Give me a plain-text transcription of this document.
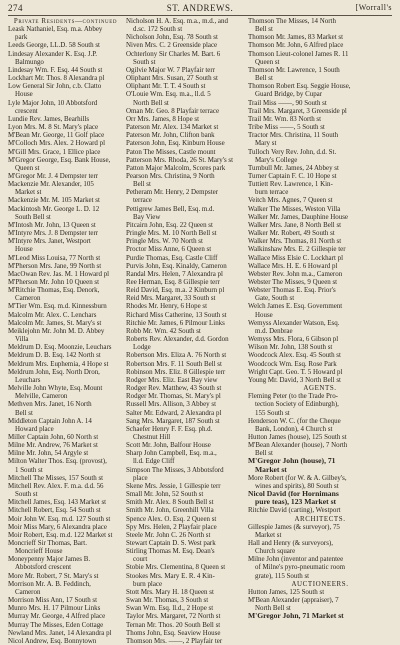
274	ST. ANDREWS.	[Worrall's
Private Residents—continued
Leask Nathaniel, Esq. m.a. Abbey
park
Leeds George, LL.D. 58 South st
Lindesay Alexander K. Esq. J.P.
Balmungo
Lindesay Wm. F. Esq. 44 South st
Lockhart Mr. Thos. 8 Alexandra pl
Low General Sir John, c.b. Clatto
House
Lyle Major John, 10 Abbotsford
crescent
Lundie Rev. James, Bearhills
Lyon Mrs. M. 8 St. Mary's place
M'Bean Mr. George, 11 Golf place
M'Colloch Mrs. Alex. 2 Howard pl
M'Gill Mrs. Grace, 1 Ellice place
M'Gregor George, Esq. Bank House,
Queen st
M'Gregor Mr. J. 4 Dempster terr
Mackenzie Mr. Alexander, 105
Market st
Mackenzie Mr. M. 105 Market st
Mackintosh Mr. George L. D. 12
South Bell st
M'Intosh Mr. John, 13 Queen st
M'Intyre Mrs. J. 8 Dempster terr
M'Intyre Mrs. Janet, Westport
House
M'Leod Miss Louisa, 77 North st
M'Pherson Mrs. Jane, 99 North st
MacOwan Rev. Jas. M. 1 Howard pl
M'Pherson Mr. John 10 Queen st
M'Ritchie Thomas, Esq. Denork,
Cameron
M'Tier Wm. Esq. m.d. Kinnessburn
Malcolm Mr. Alex. C. Lenchars
Malcolm Mr. James, St. Mary's st
Meiklejohn Mr. John M. D. Abbey
Villa
Meldrum D. Esq. Moonzie, Leuchars
Meldrum D. B. Esq. 142 North st
Meldrum Mrs. Euphemia, 4 Hope st
Meldrum John, Esq. North Dron,
Leuchars
Melville John Whyte, Esq. Mount
Melville, Cameron
Methven Mrs. Janet, 16 North
Bell st
Middleton Captain John A. 14
Howard place
Miller Captain John, 60 North st
Milne Mr. Andrew, 76 Market st
Milne Mr. John, 54 Argyle st
Milton Walter Thos. Esq. (provost),
1 South st
Mitchell The Misses, 157 South st
Mitchell Rev. Alex. F. m.a. d.d. 56
South st
Mitchell James, Esq. 143 Market st
Mitchell Robert, Esq. 54 South st
Moir John W. Esq. m.d. 127 South st
Moir Miss Mary, 6 Alexandra place
Moir Robert, Esq. m.d. 122 Market st
Moncrieff Sir Thomas, Bart.
Moncrieff House
Moneypenny Major James B.
Abbotsford crescent
More Mr. Robert, 7 St. Mary's st
Morrison Mr. A. B. Feddinch,
Cameron
Morrison Miss Ann, 17 South st
Munro Mrs. H. 17 Pilmour Links
Murray Mr. George, 4 Alfred place
Murray The Misses, Eden Cottage
Newland Mrs. Janet, 14 Alexandra pl
Nicol Andrew, Esq. Bonnytown
Nicholson H. A. Esq. m.a., m.d., and
d.sc. 172 South st
Nicholson John, Esq. 78 South st
Niven Mrs. C. 2 Greenside place
Ochterlony Sir Charles M. Bart. 6
South st
Ogilvie Major W. 7 Playfair terr
Oliphant Mrs. Susan, 27 South st
Oliphant Mr. T. T. 4 South st
O'Louie Wm. Esq. m.a., ll.d. 5
North Bell st
Oman Mr. Geo. 8 Playfair terrace
Orr Mrs. James, 8 Hope st
Paterson Mr. Alex. 134 Market st
Paterson Mr. John, Clifton bank
Paterson John, Esq. Kinburn House
Paton The Misses, Castle mount
Patterson Mrs. Rhoda, 26 St. Mary's st
Patton Major Malcolm, Scores park
Pearson Mrs. Christina, 9 North
Bell st
Petheram Mr. Henry, 2 Dempster
terrace
Pettigrew James Bell, Esq. m.d.
Bay View
Pitcairn John, Esq. 22 Queen st
Pringle Mrs. M. 10 North Bell st
Pringle Mrs. W. 70 North st
Proctor Miss Anne, 6 Queen st
Purdie Thomas, Esq. Castle Cliff
Purvis John, Esq. Kinaldy, Cameron
Randal Mrs. Helen, 7 Alexandra pl
Ree Herman, Esq. 8 Gillespie terr
Reid David, Esq. m.a. 2 Kinburn pl
Reid Mrs. Margaret, 33 South st
Rhodes Mr. Henry, 6 Hope st
Richard Miss Catherine, 13 South st
Ritchie Mr. James, 6 Pilmour Links
Robb Mr. Wm. 42 South st
Roberts Rev. Alexander, d.d. Gordon
Lodge
Robertson Mrs. Eliza A. 76 North st
Robertson Mrs. F. 11 South Bell st
Robinson Mrs. Eliz. 8 Gillespie terr
Rodger Mrs. Eliz. East Bay view
Rodger Rev. Matthew, 43 South st
Rodger Mr. Thomas, St. Mary's pl
Russell Mrs. Allison, 3 Abbey st
Salter Mr. Edward, 2 Alexandra pl
Sang Mrs. Margaret, 187 South st
Schaefer Henry F. F. Esq. ph.d.
Chestnut Hill
Scott Mr. John, Balfour House
Sharp John Campbell, Esq. m.a.,
ll.d. Edge Cliff
Simpson The Misses, 3 Abbotsford
place
Skene Mrs. Jessie, 1 Gillespie terr
Small Mr. John, 52 South st
Smith Mr. Alex. 8 South Bell st
Smith Mr. John, Greenhill Villa
Spence Alex. O. Esq. 2 Queen st
Spy Mrs. Helen, 2 Playfair place
Steele Mr. John C. 26 North st
Stewart Captain D. S. West park
Stirling Thomas M. Esq. Dean's
court
Stobie Mrs. Clementina, 8 Queen st
Stookes Mrs. Mary E. R. 4 Kin-
burn place
Stott Mrs. Mary H. 18 Queen st
Swan Mr. Thomas, 3 South st
Swan Wm. Esq. ll.d., 2 Hope st
Taylor Mrs. Margaret, 72 North st
Ternan Mr. Thos. 20 South Bell st
Thoms John, Esq. Seaview House
Thomson Mrs. ——, 2 Playfair ter
Thomson The Misses, 14 North
Bell st
Thomson Mr. James, 83 Market st
Thomson Mr. John, 6 Alfred place
Thomson Lieut-colonel James R. 11
Queen st
Thomson Mr. Lawrence, 1 South
Bell st
Thomson Robert Esq. Seggie House,
Guard Bridge, by Cupar
Trail Miss ——, 90 South st
Trail Mrs. Margaret, 3 Greenside pl
Trail Mr. Wm. 83 North st
Tribe Miss ——, 5 South st
Tractor Mrs. Christina, 11 South
Mary st
Tulloch Very Rev. John, d.d. St.
Mary's College
Turnbull Mr. James, 24 Abbey st
Turner Captain F. C. 10 Hope st
Tuttiett Rev. Lawrence, 1 Kin-
burn terrace
Veitch Mrs. Agnes, 7 Queen st
Walker The Misses, Weston Villa
Walker Mr. James, Dauphine House
Walker Mrs. Jane, 8 North Bell st
Walker Mr. Robert, 49 South st
Walker Mrs. Thomas, 81 North st
Walkinshaw Mrs. E. 2 Gillespie ter
Wallace Miss Elsie C. Lockhart pl
Wallace Mrs. H. E. 6 Howard pl
Webster Rev. John m.a., Cameron
Webster The Misses, 9 Queen st
Webster Thomas E. Esq. Prior's
Gate, South st
Welch James E. Esq. Government
House
Wemyss Alexander Watson, Esq.
m.d. Denbrae
Wemyss Mrs. Flora, 6 Gibson pl
Wilson Mr. John, 138 South st
Woodcock Alex. Esq. 45 South st
Woodcock Wm. Esq. Rose Park
Wright Capt. Geo. T. 5 Howard pl
Young Mr. David, 3 North Bell st
AGENTS.
Fleming Peter (to the Trade Pro-
tection Society of Edinburgh),
155 South st
Henderson W. C. (for the Cheque
Bank, London), 4 Church st
Hutton James (house), 125 South st
M'Bean Alexander (house), 7 North
Bell st
M'Gregor John (house), 71
Market st
More Robert (for W. & A. Gilbey's,
wines and spirits), 80 South st
Nicol David (for Hornimans
pure teas), 123 Market st
Ritchie David (carting), Westport
ARCHITECTS.
Gillespie James (& surveyor), 75
Market st
Hall and Henry (& surveyors),
Church square
Milne John (inventor and patentee
of Milne's pyro-pneumatic room
grate), 115 South st
AUCTIONEERS.
Hutton James, 125 South st
M'Bean Alexander (appraiser), 7
North Bell st
M'Gregor John, 71 Market st
